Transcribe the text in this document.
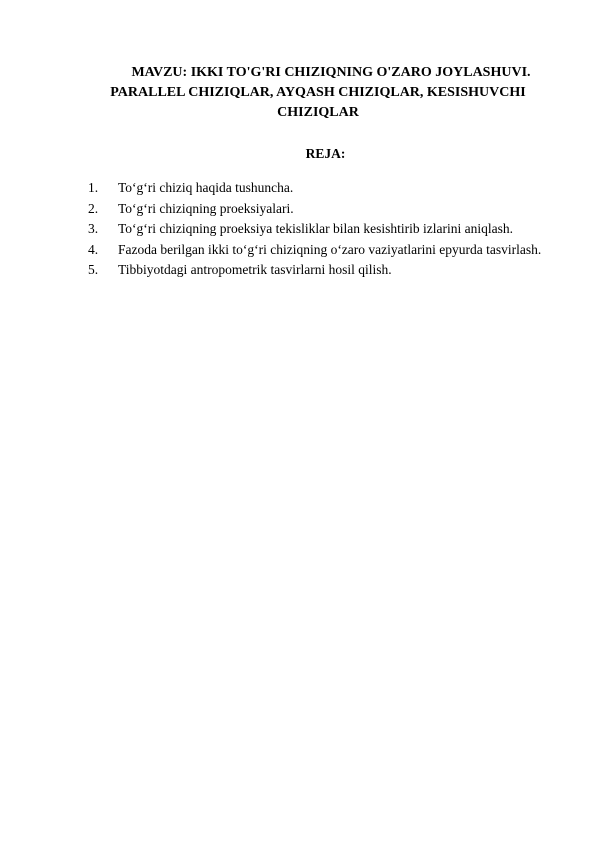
MAVZU: IKKI TO'G'RI CHIZIQNING O'ZARO JOYLASHUVI.
PARALLEL CHIZIQLAR, AYQASH CHIZIQLAR, KESISHUVCHI
CHIZIQLAR
REJA:
1. To‘g‘ri chiziq haqida tushuncha.
2. To‘g‘ri chiziqning proeksiyalari.
3. To‘g‘ri chiziqning proeksiya tekisliklar bilan kesishtirib izlarini aniqlash.
4. Fazoda berilgan ikki to‘g‘ri chiziqning o‘zaro vaziyatlarini epyurda tasvirlash.
5. Tibbiyotdagi antropometrik tasvirlarni hosil qilish.
